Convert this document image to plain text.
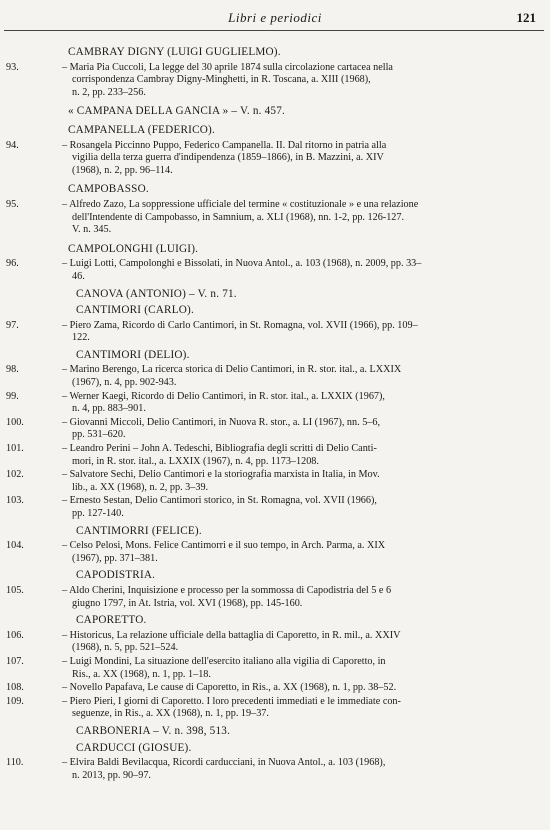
Libri e periodici	121
CAMBRAY DIGNY (LUIGI GUGLIELMO).
93.	– Maria Pia Cuccoli, La legge del 30 aprile 1874 sulla circolazione cartacea nella

corrispondenza Cambray Digny-Minghetti, in R. Toscana, a. XIII (1968),
n. 2, pp. 233–256.
« CAMPANA DELLA GANCIA » – V. n. 457.
CAMPANELLA (FEDERICO).
94.	– Rosangela Piccinno Puppo, Federico Campanella. II. Dal ritorno in patria alla

vigilia della terza guerra d'indipendenza (1859–1866), in B. Mazzini, a. XIV
(1968), n. 2, pp. 96–114.
CAMPOBASSO.
95.	– Alfredo Zazo, La soppressione ufficiale del termine « costituzionale » e una relazione

dell'Intendente di Campobasso, in Samnium, a. XLI (1968), nn. 1-2, pp. 126-127.
V. n. 345.
CAMPOLONGHI (LUIGI).
96.	– Luigi Lotti, Campolonghi e Bissolati, in Nuova Antol., a. 103 (1968), n. 2009, pp. 33–

46.
CANOVA (ANTONIO) – V. n. 71.
CANTIMORI (CARLO).
97.	– Piero Zama, Ricordo di Carlo Cantimori, in St. Romagna, vol. XVII (1966), pp. 109–

122.
CANTIMORI (DELIO).
98.	– Marino Berengo, La ricerca storica di Delio Cantimori, in R. stor. ital., a. LXXIX

(1967), n. 4, pp. 902-943.
99.	– Werner Kaegi, Ricordo di Delio Cantimori, in R. stor. ital., a. LXXIX (1967),

n. 4, pp. 883–901.
100.	– Giovanni Miccoli, Delio Cantimori, in Nuova R. stor., a. LI (1967), nn. 5–6,

pp. 531–620.
101.	– Leandro Perini – John A. Tedeschi, Bibliografia degli scritti di Delio Canti-

mori, in R. stor. ital., a. LXXIX (1967), n. 4, pp. 1173–1208.
102.	– Salvatore Sechi, Delio Cantimori e la storiografia marxista in Italia, in Mov.

lib., a. XX (1968), n. 2, pp. 3–39.
103.	– Ernesto Sestan, Delio Cantimori storico, in St. Romagna, vol. XVII (1966),

pp. 127-140.
CANTIMORRI (FELICE).
104.	– Celso Pelosi, Mons. Felice Cantimorri e il suo tempo, in Arch. Parma, a. XIX

(1967), pp. 371–381.
CAPODISTRIA.
105.	– Aldo Cherini, Inquisizione e processo per la sommossa di Capodistria del 5 e 6

giugno 1797, in At. Istria, vol. XVI (1968), pp. 145-160.
CAPORETTO.
106.	– Historicus, La relazione ufficiale della battaglia di Caporetto, in R. mil., a. XXIV

(1968), n. 5, pp. 521–524.
107.	– Luigi Mondini, La situazione dell'esercito italiano alla vigilia di Caporetto, in

Ris., a. XX (1968), n. 1, pp. 1–18.
108.	– Novello Papafava, Le cause di Caporetto, in Ris., a. XX (1968), n. 1, pp. 38–52.
109.	– Piero Pieri, I giorni di Caporetto. I loro precedenti immediati e le immediate con-

seguenze, in Ris., a. XX (1968), n. 1, pp. 19–37.
CARBONERIA – V. n. 398, 513.
CARDUCCI (GIOSUE).
110.	– Elvira Baldi Bevilacqua, Ricordi carducciani, in Nuova Antol., a. 103 (1968),

n. 2013, pp. 90–97.
